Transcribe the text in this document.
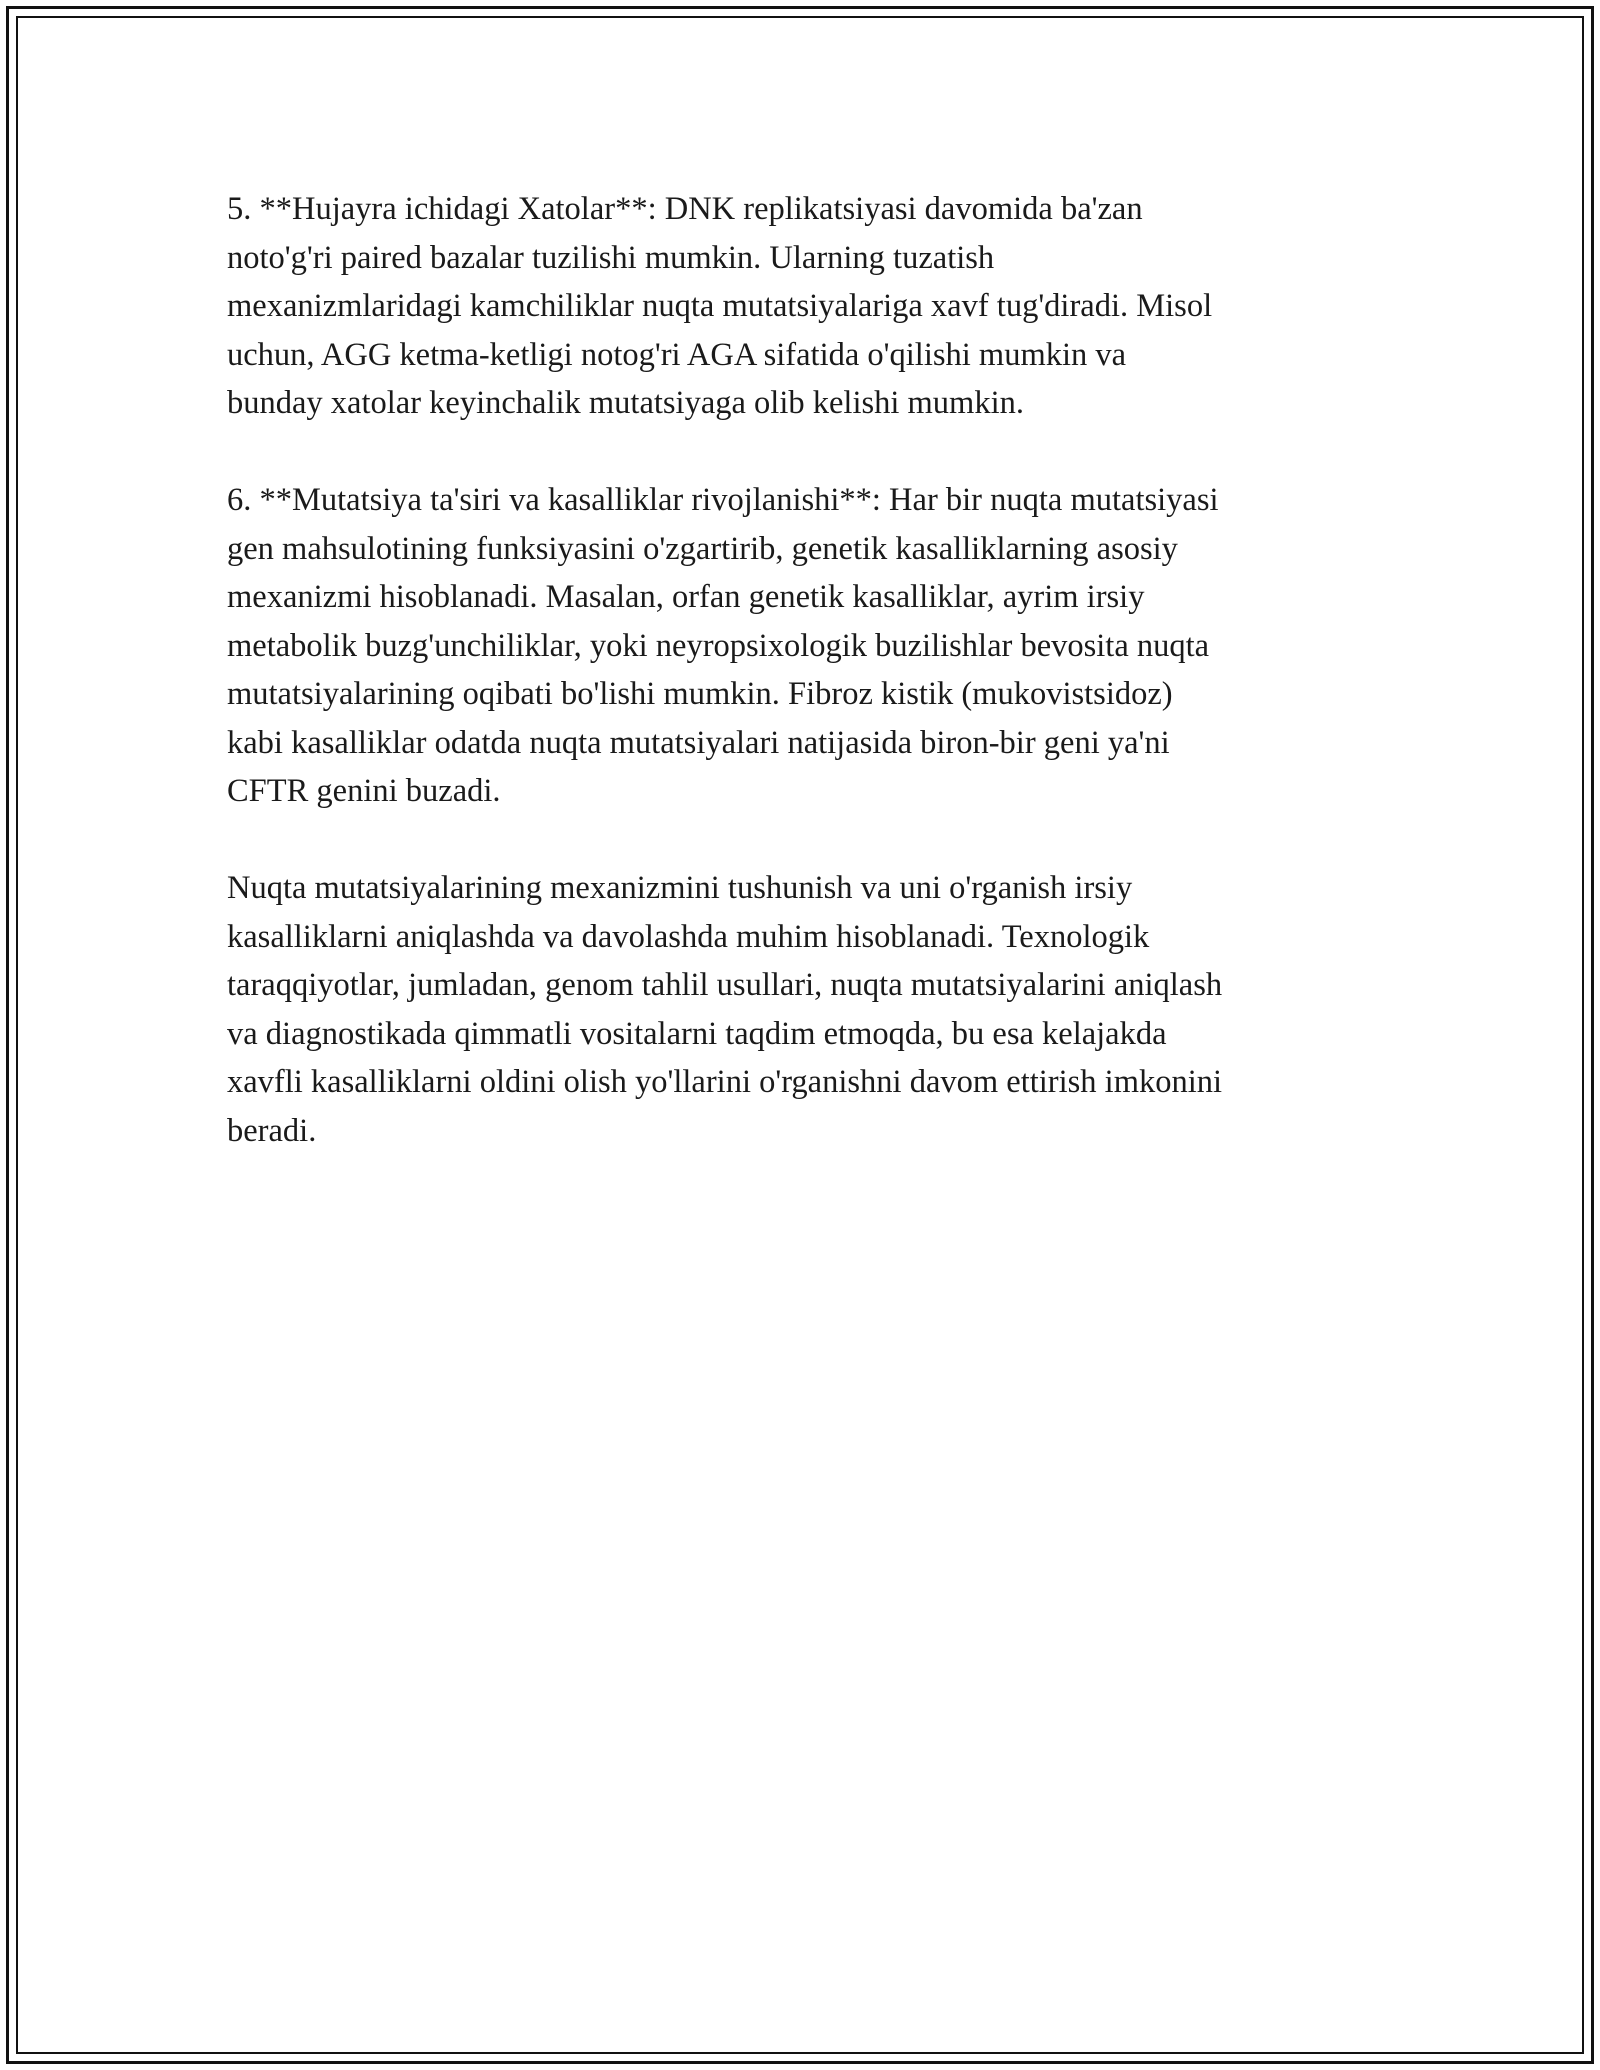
5. **Hujayra ichidagi Xatolar**: DNK replikatsiyasi davomida ba'zan
noto'g'ri paired bazalar tuzilishi mumkin. Ularning tuzatish
mexanizmlaridagi kamchiliklar nuqta mutatsiyalariga xavf tug'diradi. Misol
uchun, AGG ketma-ketligi notog'ri AGA sifatida o'qilishi mumkin va
bunday xatolar keyinchalik mutatsiyaga olib kelishi mumkin.

6. **Mutatsiya ta'siri va kasalliklar rivojlanishi**: Har bir nuqta mutatsiyasi
gen mahsulotining funksiyasini o'zgartirib, genetik kasalliklarning asosiy
mexanizmi hisoblanadi. Masalan, orfan genetik kasalliklar, ayrim irsiy
metabolik buzg'unchiliklar, yoki neyropsixologik buzilishlar bevosita nuqta
mutatsiyalarining oqibati bo'lishi mumkin. Fibroz kistik (mukovistsidoz)
kabi kasalliklar odatda nuqta mutatsiyalari natijasida biron-bir geni ya'ni
CFTR genini buzadi.

Nuqta mutatsiyalarining mexanizmini tushunish va uni o'rganish irsiy
kasalliklarni aniqlashda va davolashda muhim hisoblanadi. Texnologik
taraqqiyotlar, jumladan, genom tahlil usullari, nuqta mutatsiyalarini aniqlash
va diagnostikada qimmatli vositalarni taqdim etmoqda, bu esa kelajakda
xavfli kasalliklarni oldini olish yo'llarini o'rganishni davom ettirish imkonini
beradi.
